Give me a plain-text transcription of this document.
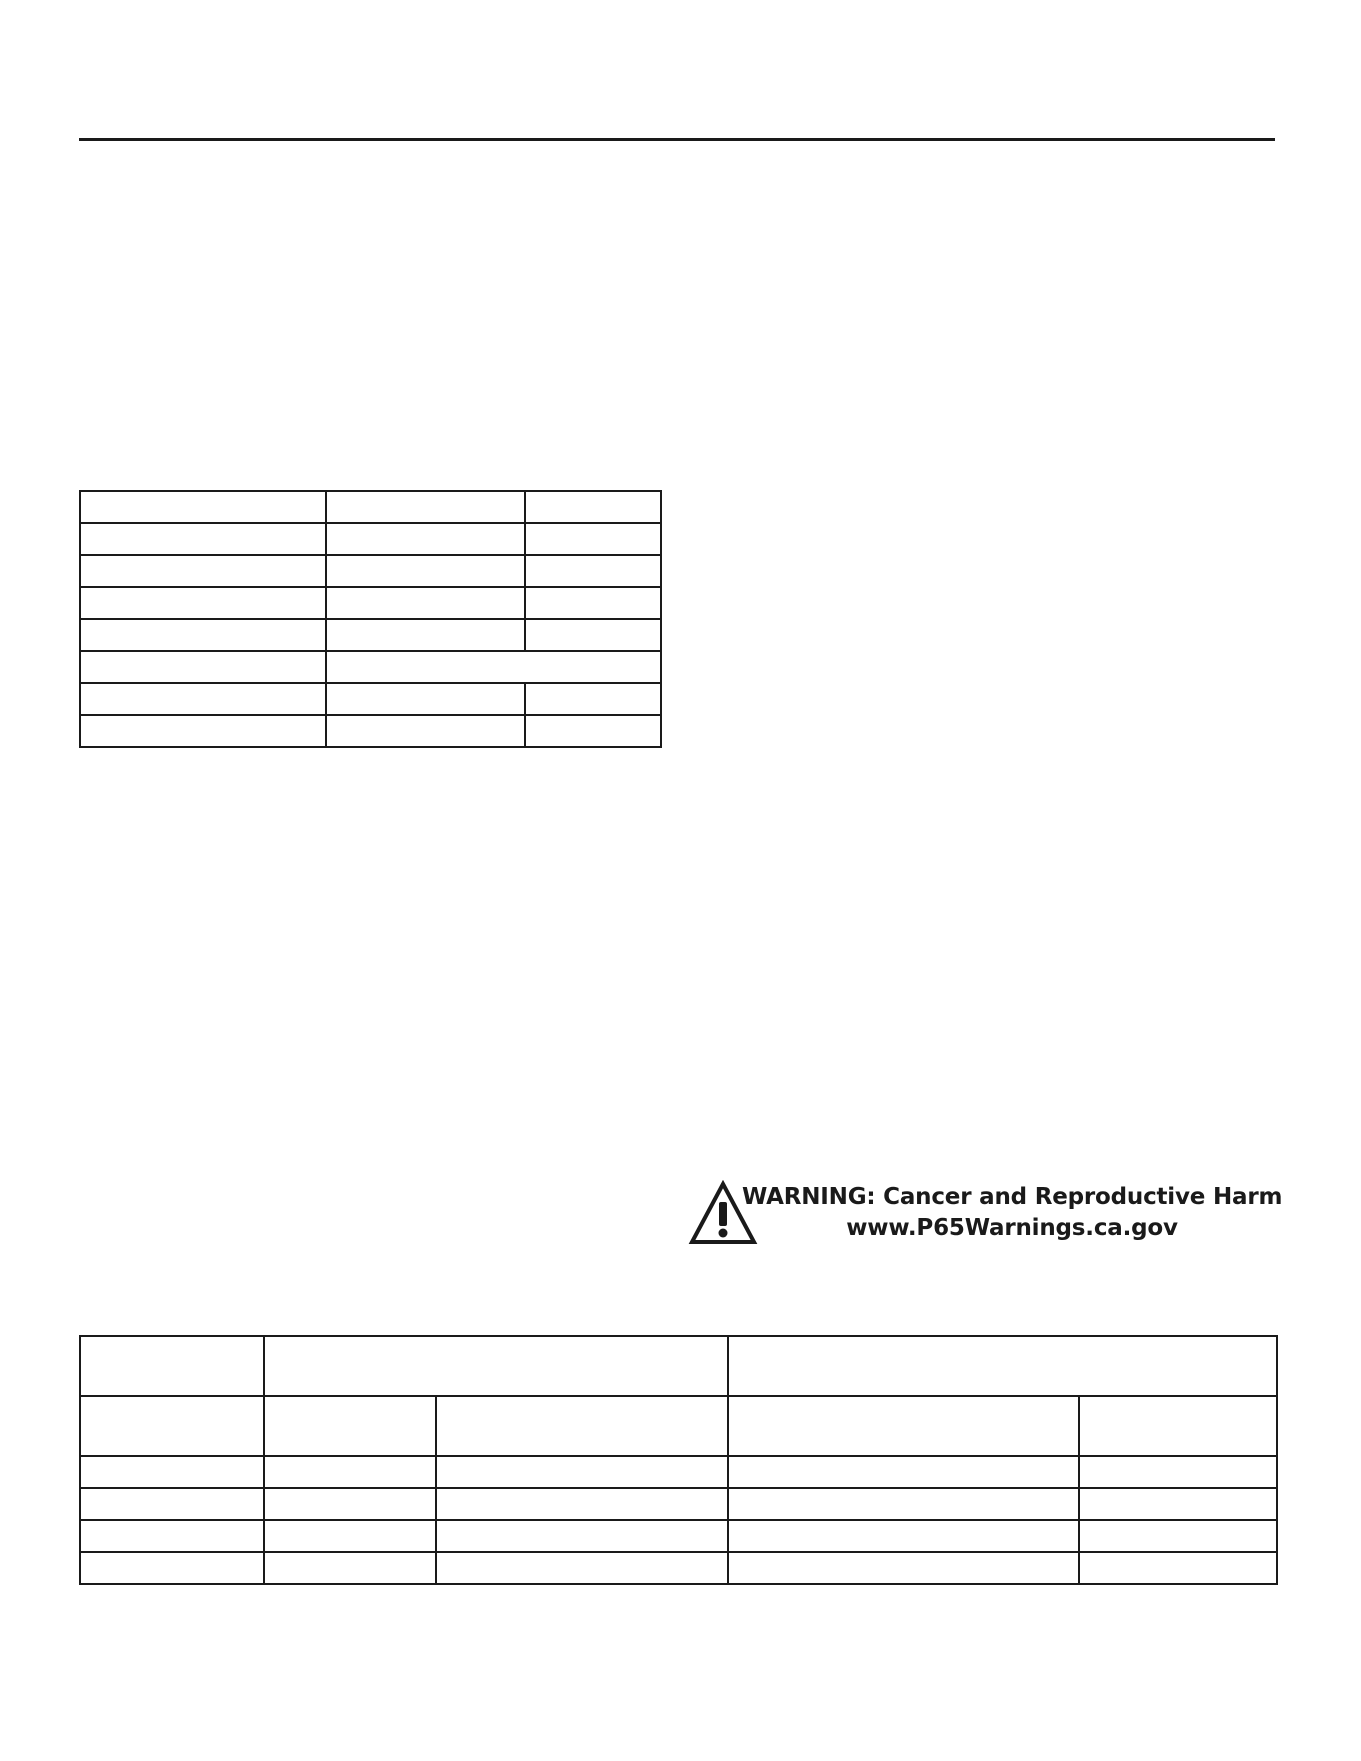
WARNING: Cancer and Reproductive Harm
www.P65Warnings.ca.gov
